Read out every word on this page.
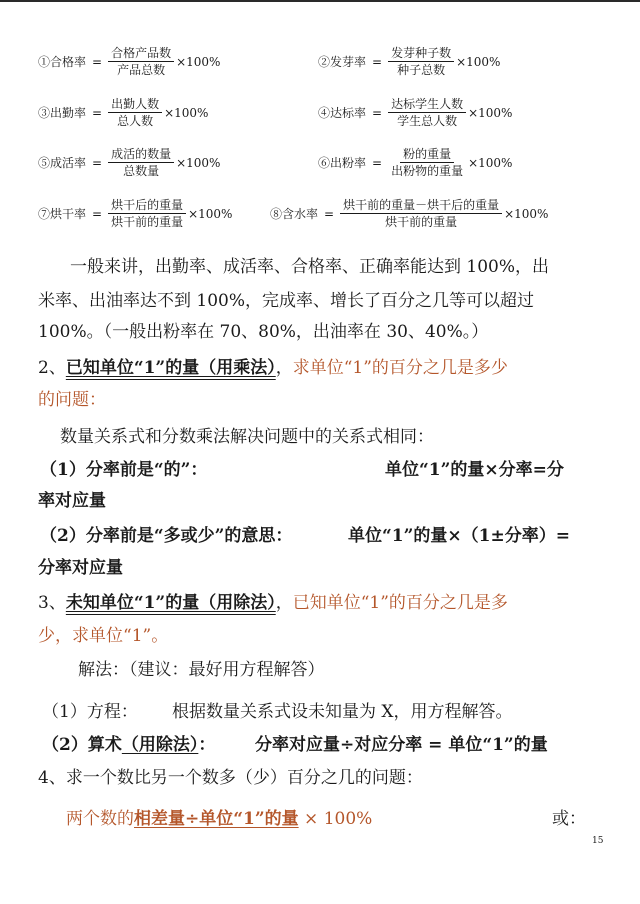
①合格率 = $\frac{\text{合格产品数}}{\text{产品总数}} \times 100\%$	②发芽率 = $\frac{\text{发芽种子数}}{\text{种子总数}} \times 100\%$
③出勤率 = $\frac{\text{出勤人数}}{\text{总人数}} \times 100\%$	④达标率 = $\frac{\text{达标学生人数}}{\text{学生总人数}} \times 100\%$
⑤成活率 = $\frac{\text{成活的数量}}{\text{总数量}} \times 100\%$	⑥出粉率 = $\frac{\text{粉的重量}}{\text{出粉物的重量}} \times 100\%$
⑦烘干率 = $\frac{\text{烘干后的重量}}{\text{烘干前的重量}} \times 100\%$	⑧含水率 = $\frac{\text{烘干前的重量－烘干后的重量}}{\text{烘干前的重量}} \times 100\%$
一般来讲，出勤率、成活率、合格率、正确率能达到 100%，出
米率、出油率达不到 100%，完成率、增长了百分之几等可以超过
100%。（一般出粉率在 70、80%，出油率在 30、40%。）
2、已知单位“1”的量（用乘法），求单位“1”的百分之几是多少
的问题：
数量关系式和分数乘法解决问题中的关系式相同：
（1）分率前是“的”：	单位“1”的量×分率=分
率对应量
（2）分率前是“多或少”的意思：	单位“1”的量×（1±分率）=
分率对应量
3、未知单位“1”的量（用除法），已知单位“1”的百分之几是多
少，求单位“1”。
解法：（建议：最好用方程解答）
（1）方程： 根据数量关系式设未知量为 X，用方程解答。
（2）算术（用除法）： 分率对应量÷对应分率 = 单位“1”的量
4、求一个数比另一个数多（少）百分之几的问题：
两个数的相差量÷单位“1”的量 × 100%	或：
15
